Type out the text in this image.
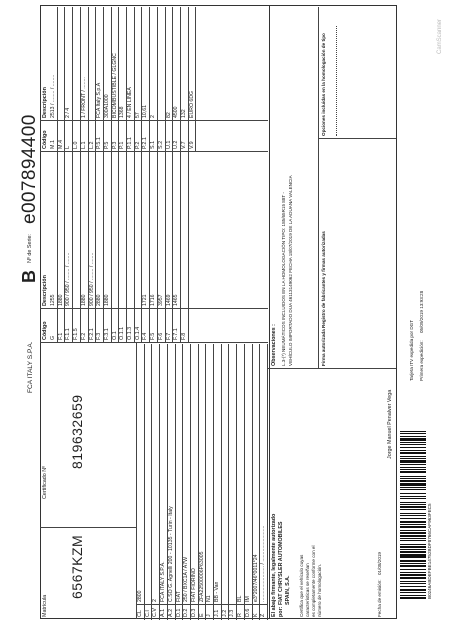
FCA ITALY S.P.A.
B
Nº de Serie:
e007894400
Matrícula
6567KZM
Certificado Nº
819632659
CL
2800
C.I C.V
2
A.1
FCA ITALY S.P.A.
A.2
C.SO G. Agnelli 200 - 10135 - Turin - Italy
D.1
FIAT
D.2
250 / BXC1A / A7W
D.3
FIAT FIORINO
E
ZFA22500006P63005
J
N1
J.1
BB - Van
J.2 J.3 R
BL
D.6
IM
K
e3*2007/46*0011*24
Z
......................... / .........................
Código
Descripción
G
1255
F.1
1880
F.1.1
900 / 950 / ........ / ........
F.1.5 F.2
1880
F.2.1
900 / 950 / ........ / ........
F.3
2880
F.3.1
1880
O.1 O.1.1 O.1.3 O.1.4 F.4
1721
F.5
1716
F.6
3957
F.7
1469
F.7.1
1465
F.8
Código
Descripción
M.1
2513 / ........ / ........
M.4 L
2 / 4
L.0 L.1
1 / FRONT / ........
L.2 P.5.1
FCA Italy S.p.A
P.5
300A1000
P.3
BICOMBUSTIBLE / GLGNC
P.1
1368
P.1.1
4 / EN LINEA
P.2
57
P.2.1
10,61
S.1
2
S.2 U.1
82
U.2
4500
V.7
132
V.9
EURO 6DG
El abajo firmante, legalmente autorizado por: FIAT CHRYSLER AUTOMOBILES SPAIN, S.A. Certifica que el vehículo cuyas características se reseñan es completamente conforme con el número de homologación.	Fecha de emisión:
01/08/2019
Jorge Manuel Penalver Vega
Observaciones : L.3-(*) NEUMÁTICOS INCLUIDOS EN LA HOMOLOGACIÓN TIPO: 185/65R15 88T - VEHÍCULO IMPORTADO DUA 46113149062 FECHA 18/07/2019 DE LA ADUANA VALENCIA	Firma autorizada Registro de fabricantes y firmas autorizadas
Opciones incluidas en la homologación de tipo
B0246ABDEFBE14752BDF8766CAF963FEC5
Tarjeta ITV expedida por DGT Primera expedición:
05/09/2019 13:93:28
CamScanner
